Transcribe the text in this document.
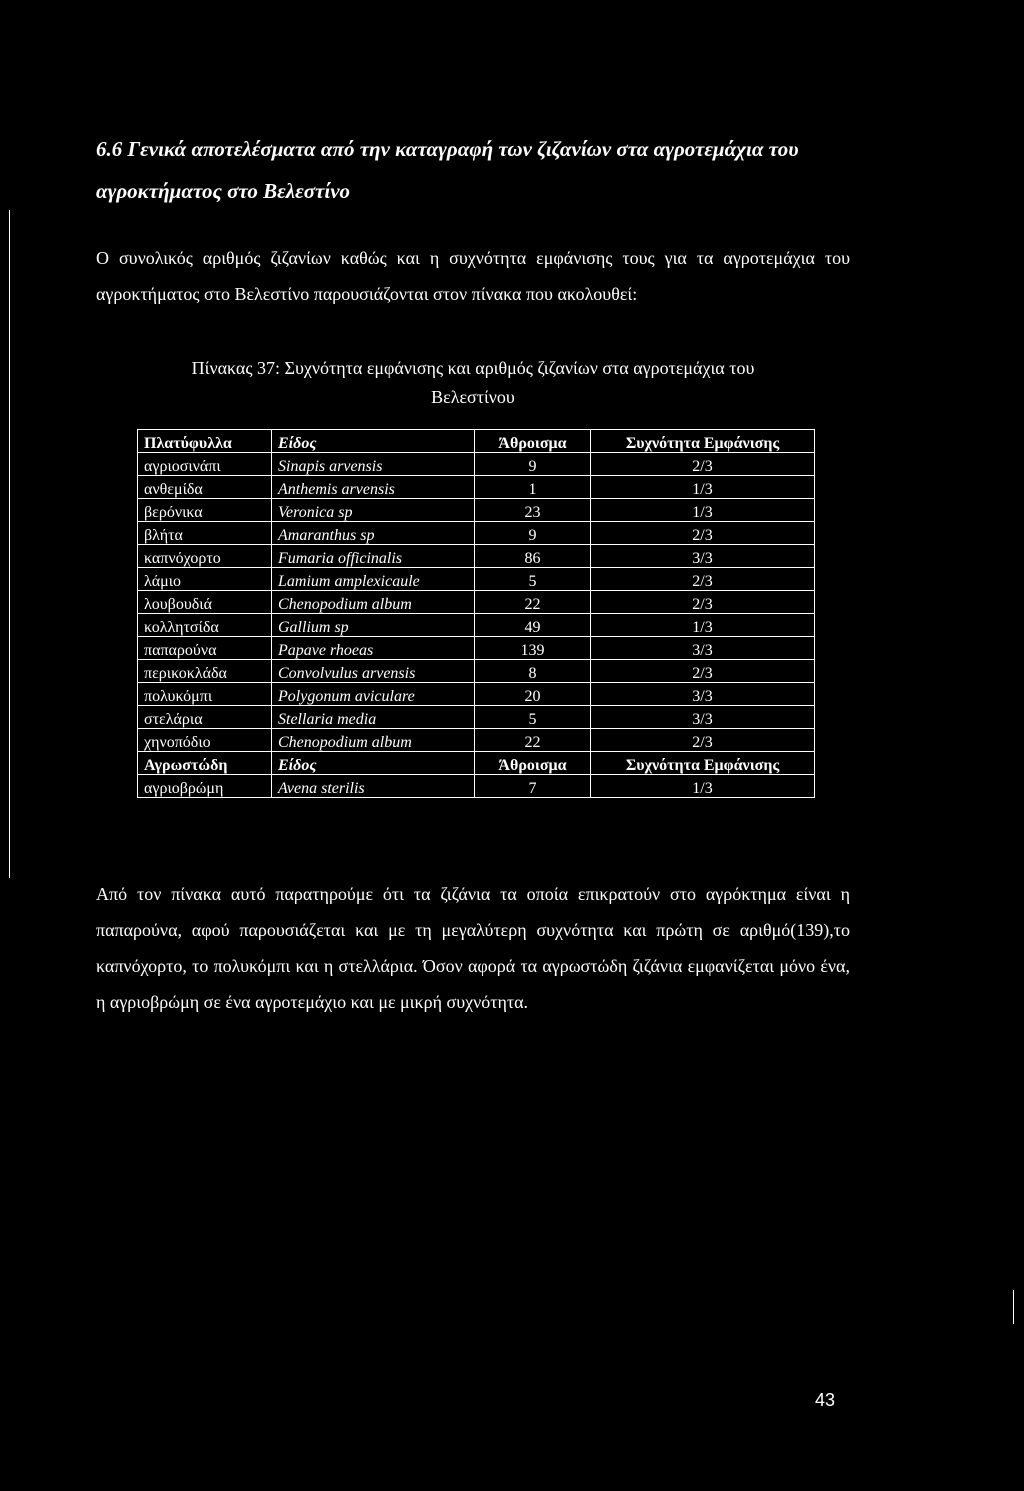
6.6 Γενικά αποτελέσματα από την καταγραφή των ζιζανίων στα αγροτεμάχια του
αγροκτήματος στο Βελεστίνο

Ο συνολικός αριθμός ζιζανίων καθώς και η συχνότητα εμφάνισης τους για τα αγροτεμάχια του αγροκτήματος στο Βελεστίνο παρουσιάζονται στον πίνακα που ακολουθεί:

Πίνακας 37: Συχνότητα εμφάνισης και αριθμός ζιζανίων στα αγροτεμάχια του
Βελεστίνου
Πλατύφυλλα	Είδος	Άθροισμα	Συχνότητα Εμφάνισης
αγριοσινάπι	Sinapis arvensis	9	2/3
ανθεμίδα	Anthemis arvensis	1	1/3
βερόνικα	Veronica sp	23	1/3
βλήτα	Amaranthus sp	9	2/3
καπνόχορτο	Fumaria officinalis	86	3/3
λάμιο	Lamium amplexicaule	5	2/3
λουβουδιά	Chenopodium album	22	2/3
κολλητσίδα	Gallium sp	49	1/3
παπαρούνα	Papave rhoeas	139	3/3
περικοκλάδα	Convolvulus arvensis	8	2/3
πολυκόμπι	Polygonum aviculare	20	3/3
στελάρια	Stellaria media	5	3/3
χηνοπόδιο	Chenopodium album	22	2/3
Αγρωστώδη	Είδος	Άθροισμα	Συχνότητα Εμφάνισης
αγριοβρώμη	Avena sterilis	7	1/3

Από τον πίνακα αυτό παρατηρούμε ότι τα ζιζάνια τα οποία επικρατούν στο αγρόκτημα είναι η παπαρούνα, αφού παρουσιάζεται και με τη μεγαλύτερη συχνότητα και πρώτη σε αριθμό(139),το καπνόχορτο, το πολυκόμπι και η στελλάρια. Όσον αφορά τα αγρωστώδη ζιζάνια εμφανίζεται μόνο ένα, η αγριοβρώμη σε ένα αγροτεμάχιο και με μικρή συχνότητα.

43
